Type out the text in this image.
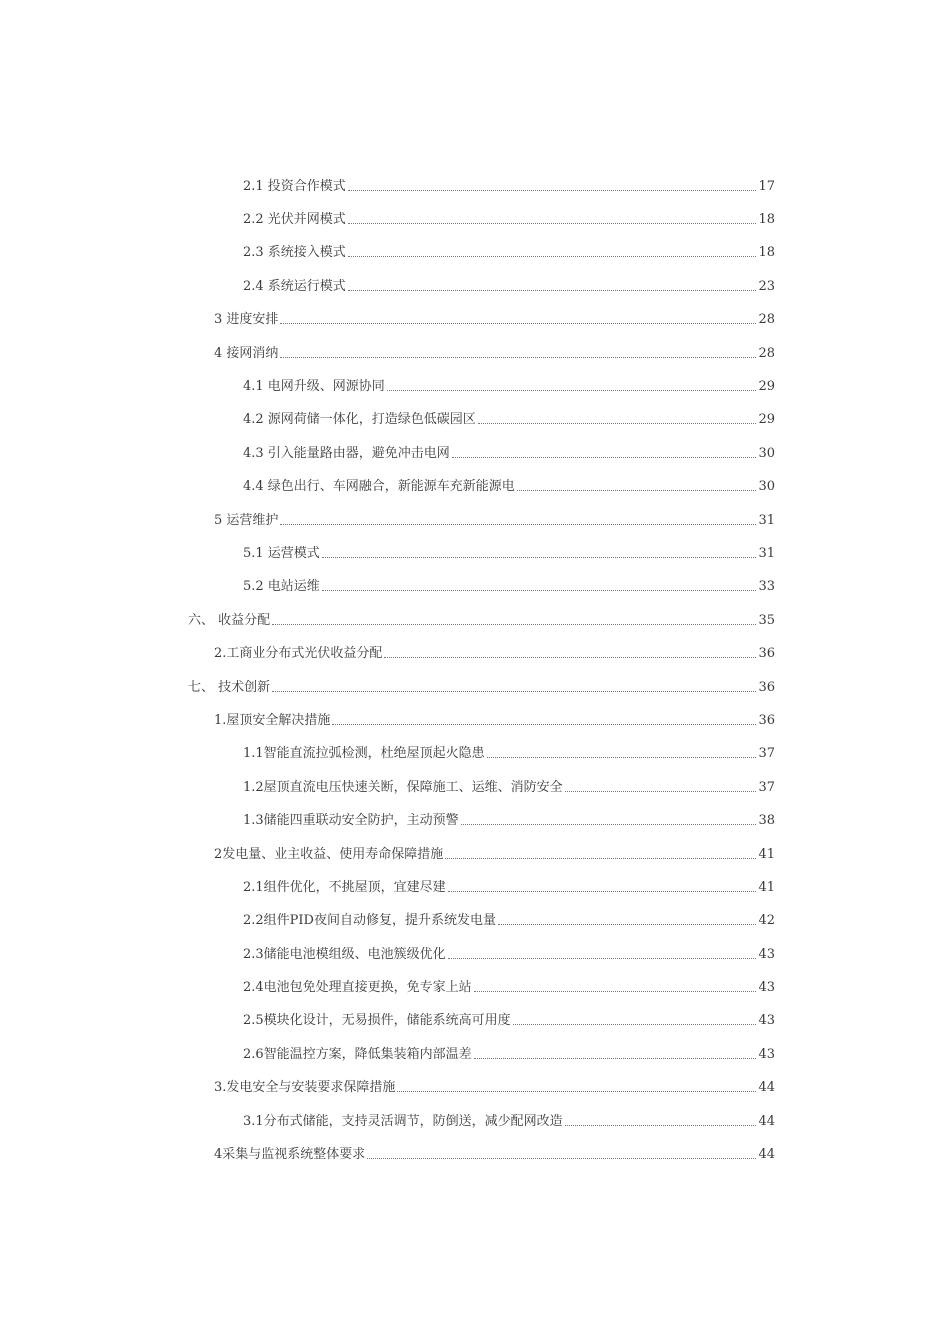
2.1 投资合作模式	17
2.2 光伏并网模式	18
2.3 系统接入模式	18
2.4 系统运行模式	23
3 进度安排	28
4 接网消纳	28
4.1 电网升级、网源协同	29
4.2 源网荷储一体化，打造绿色低碳园区	29
4.3 引入能量路由器，避免冲击电网	30
4.4 绿色出行、车网融合，新能源车充新能源电	30
5 运营维护	31
5.1 运营模式	31
5.2 电站运维	33
六、 收益分配	35
2.工商业分布式光伏收益分配	36
七、 技术创新	36
1.屋顶安全解决措施	36
1.1智能直流拉弧检测，杜绝屋顶起火隐患	37
1.2屋顶直流电压快速关断，保障施工、运维、消防安全	37
1.3储能四重联动安全防护，主动预警	38
2发电量、业主收益、使用寿命保障措施	41
2.1组件优化，不挑屋顶，宜建尽建	41
2.2组件PID夜间自动修复，提升系统发电量	42
2.3储能电池模组级、电池簇级优化	43
2.4电池包免处理直接更换，免专家上站	43
2.5模块化设计，无易损件，储能系统高可用度	43
2.6智能温控方案，降低集装箱内部温差	43
3.发电安全与安装要求保障措施	44
3.1分布式储能，支持灵活调节，防倒送，减少配网改造	44
4采集与监视系统整体要求	44
